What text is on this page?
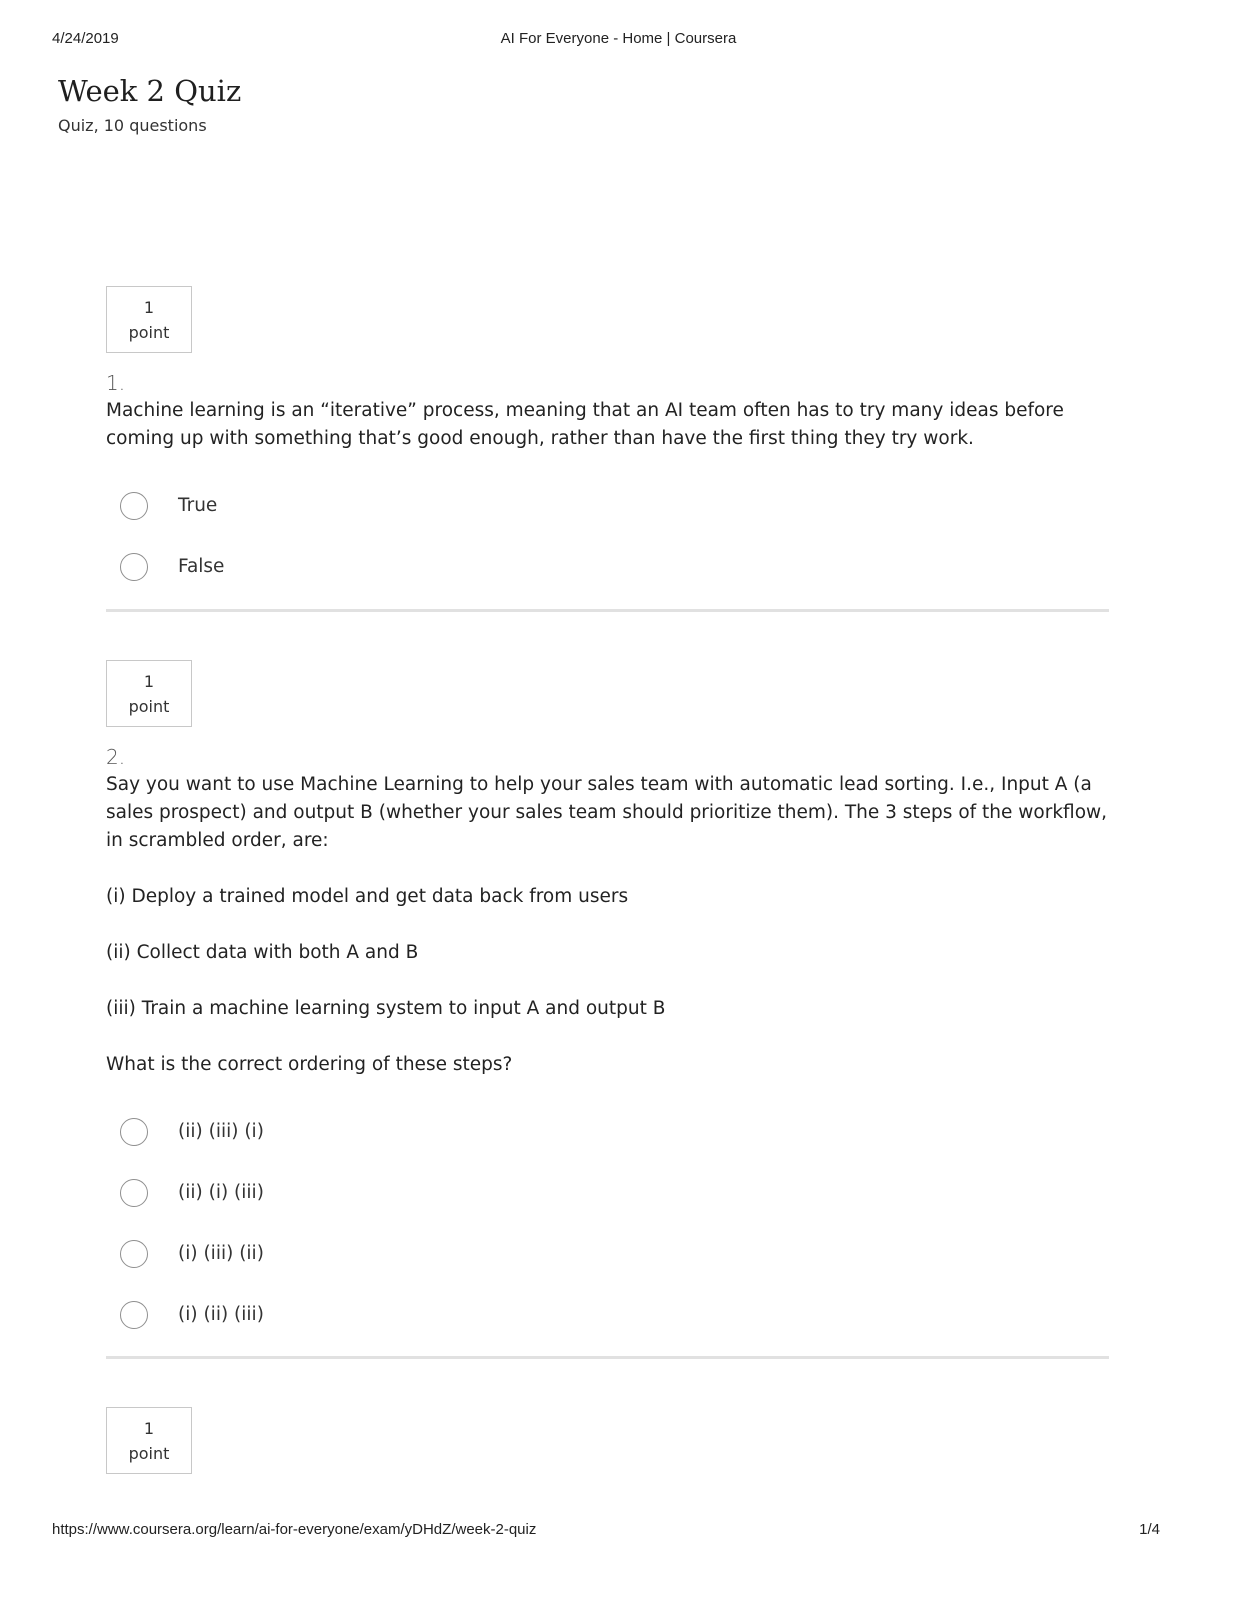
4/24/2019	AI For Everyone - Home | Coursera
Week 2 Quiz
Quiz, 10 questions
1
point
1.
Machine learning is an “iterative” process, meaning that an AI team often has to try many ideas before coming up with something that’s good enough, rather than have the first thing they try work.
True
False
1
point
2.
Say you want to use Machine Learning to help your sales team with automatic lead sorting. I.e., Input A (a sales prospect) and output B (whether your sales team should prioritize them). The 3 steps of the workflow, in scrambled order, are:
(i) Deploy a trained model and get data back from users
(ii) Collect data with both A and B
(iii) Train a machine learning system to input A and output B
What is the correct ordering of these steps?
(ii) (iii) (i)
(ii) (i) (iii)
(i) (iii) (ii)
(i) (ii) (iii)
1
point
https://www.coursera.org/learn/ai-for-everyone/exam/yDHdZ/week-2-quiz	1/4
